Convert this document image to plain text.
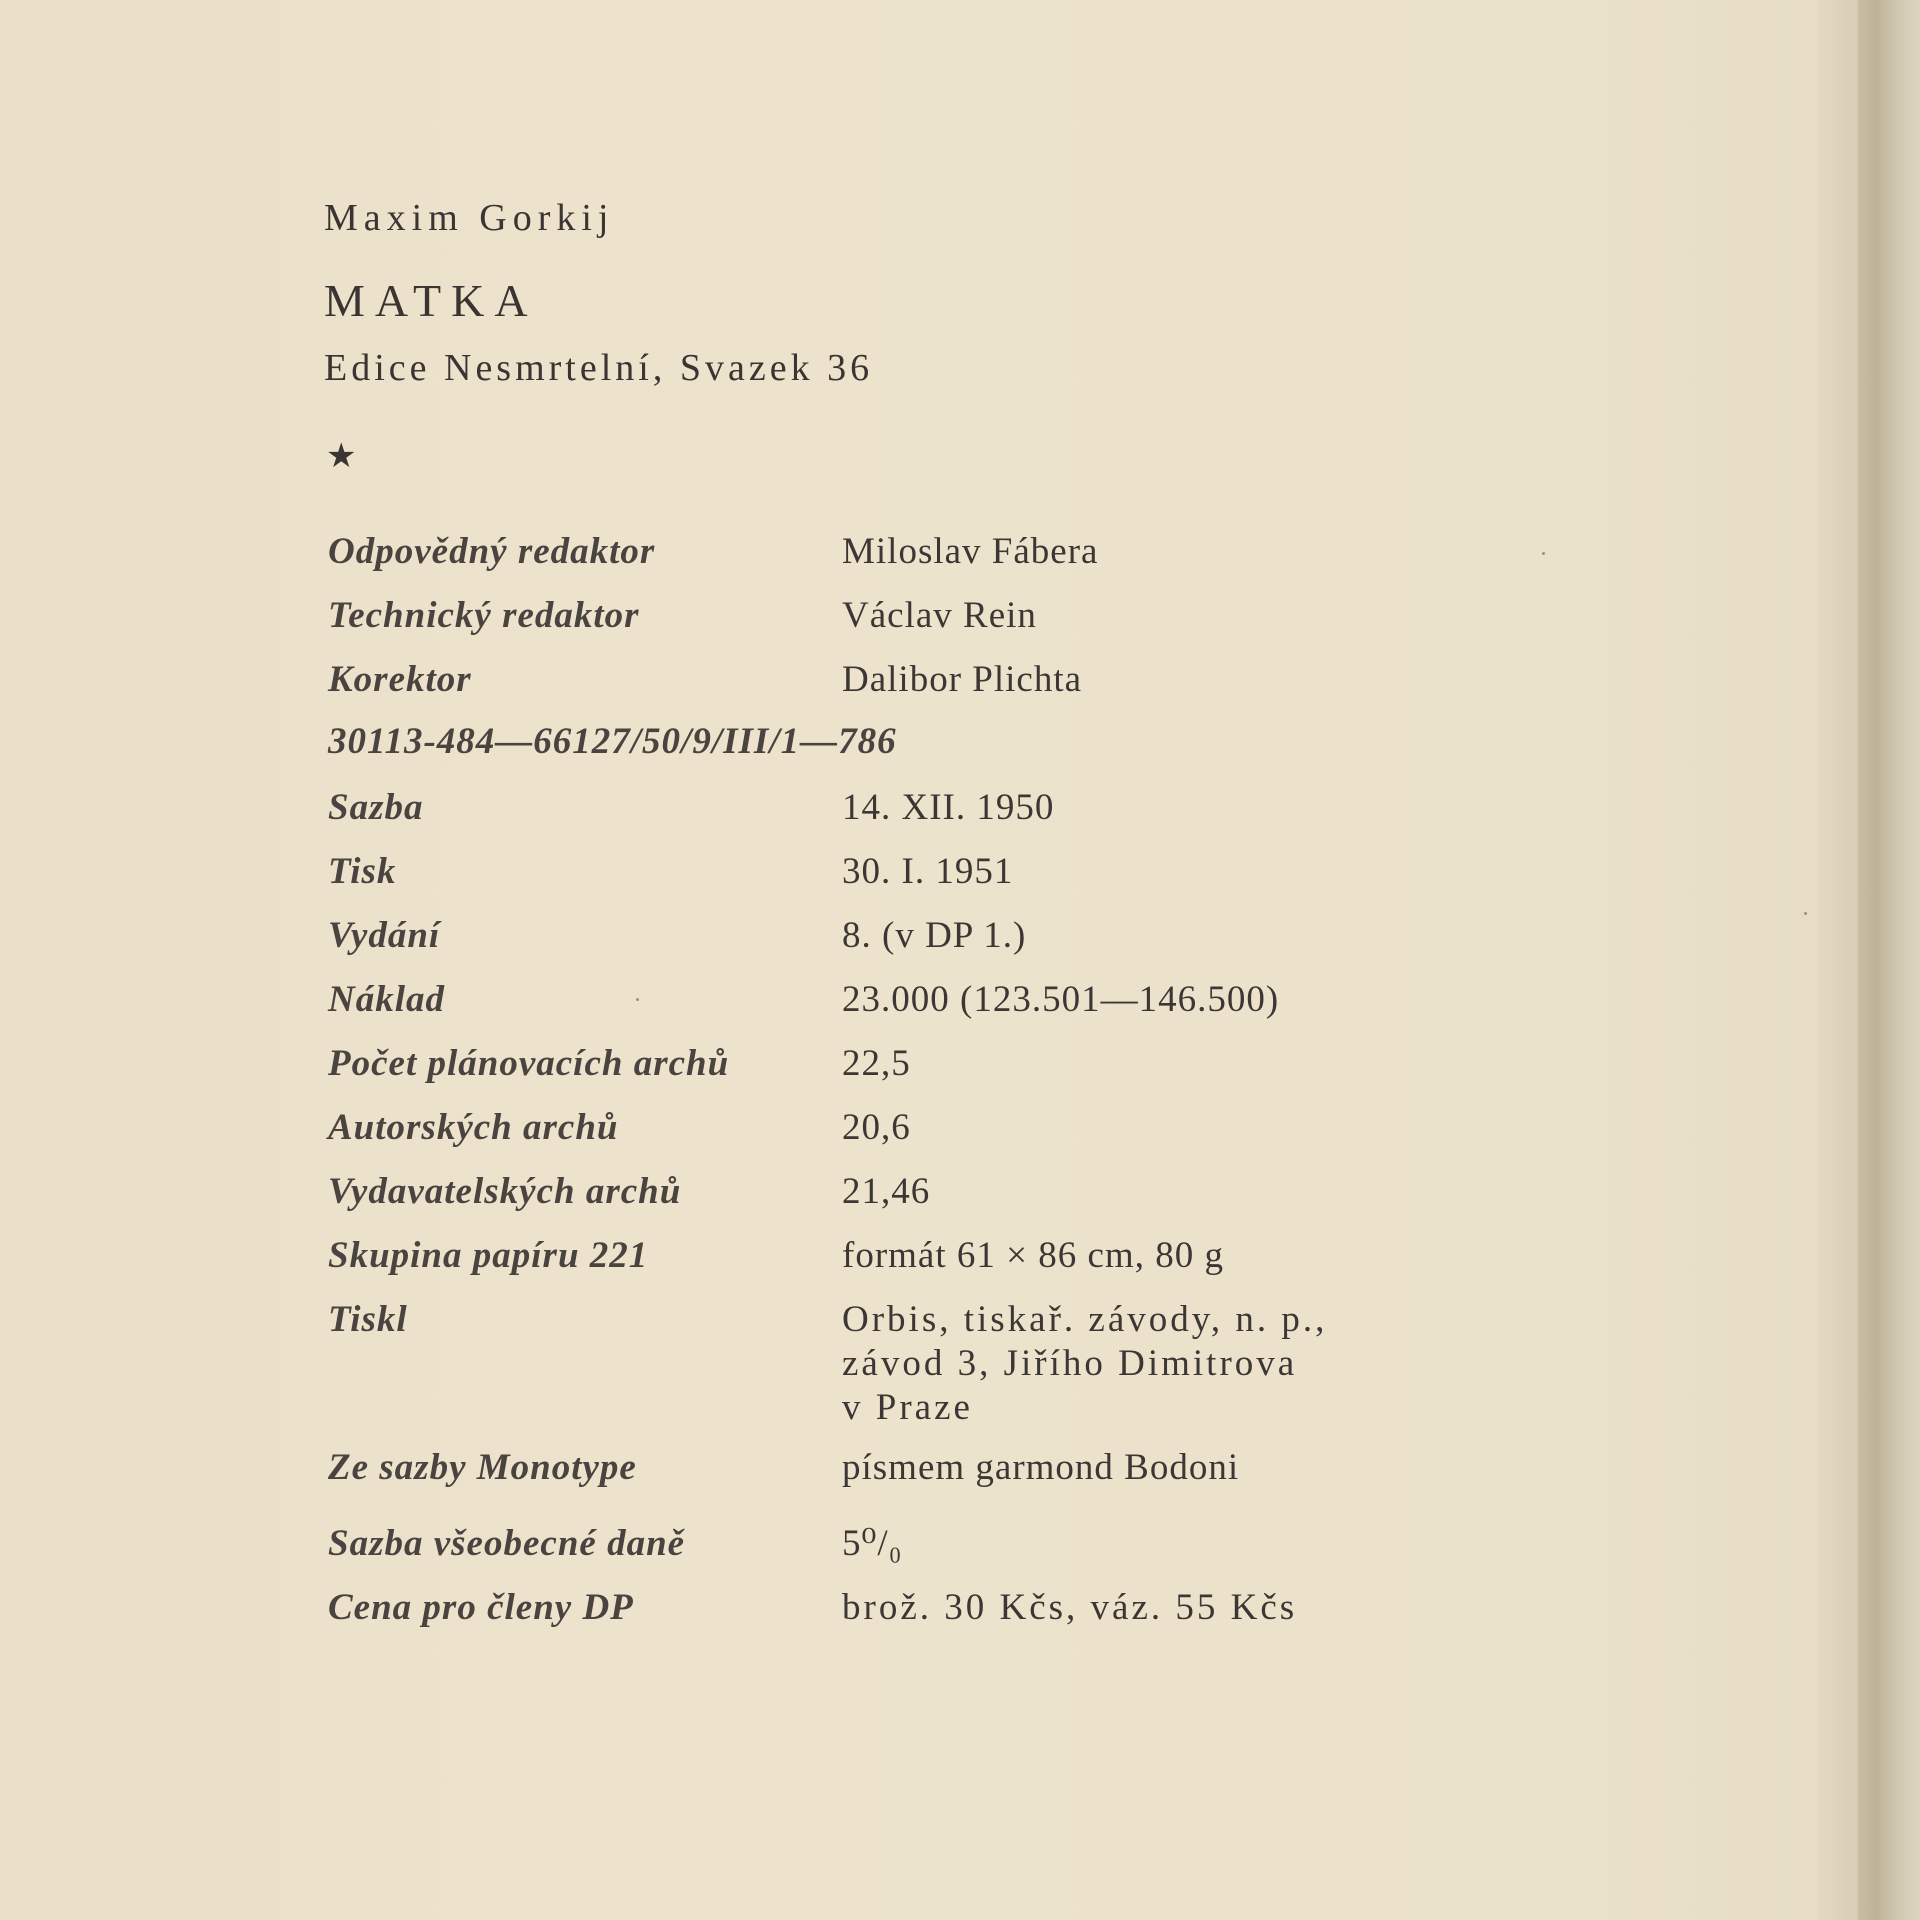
Maxim Gorkij
MATKA
Edice Nesmrtelní, Svazek 36
★
Odpovědný redaktor	Miloslav Fábera
Technický redaktor	Václav Rein
Korektor	Dalibor Plichta
30113-484—66127/50/9/III/1—786
Sazba	14. XII. 1950
Tisk	30. I. 1951
Vydání	8. (v DP 1.)
Náklad	23.000 (123.501—146.500)
Počet plánovacích archů	22,5
Autorských archů	20,6
Vydavatelských archů	21,46
Skupina papíru 221	formát 61 × 86 cm, 80 g
Tiskl	Orbis, tiskař. závody, n. p.,
závod 3, Jiřího Dimitrova
v Praze
Ze sazby Monotype	písmem garmond Bodoni
Sazba všeobecné daně	5⁰/₀
Cena pro členy DP	brož. 30 Kčs, váz. 55 Kčs
